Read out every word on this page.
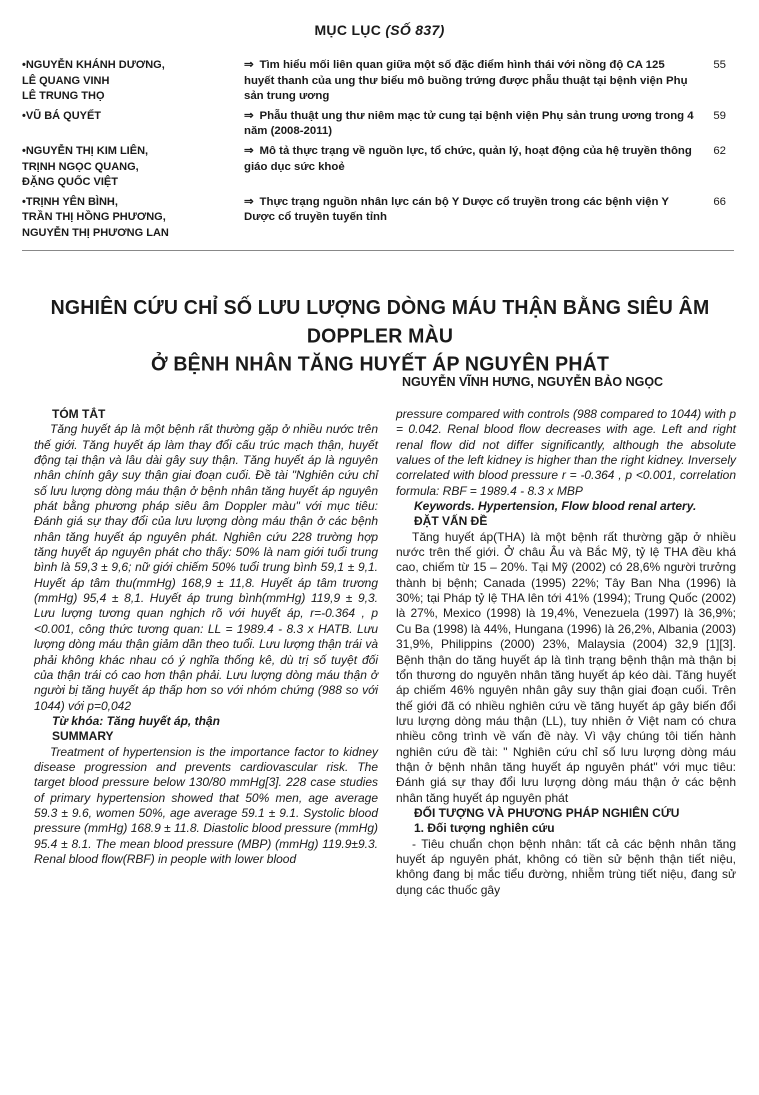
MỤC LỤC (SỐ 837)
•NGUYỄN KHÁNH DƯƠNG,
LÊ QUANG VINH
LÊ TRUNG THỌ
⇒ Tìm hiểu mối liên quan giữa một số đặc điểm hình thái với nồng độ CA 125 huyết thanh của ung thư biểu mô buồng trứng được phẫu thuật tại bệnh viện Phụ sản trung ương
55
•VŨ BÁ QUYẾT	⇒ Phẫu thuật ung thư niêm mạc tử cung tại bệnh viện Phụ sản trung ương trong 4 năm (2008-2011)
59
•NGUYỄN THỊ KIM LIÊN,
TRỊNH NGỌC QUANG,
ĐẶNG QUỐC VIỆT
⇒ Mô tả thực trạng về nguồn lực, tổ chức, quản lý, hoạt động của hệ truyền thông giáo dục sức khoẻ
62
•TRỊNH YÊN BÌNH,
TRẦN THỊ HỒNG PHƯƠNG,
NGUYỄN THỊ PHƯƠNG LAN
⇒ Thực trạng nguồn nhân lực cán bộ Y Dược cổ truyền trong các bệnh viện Y Dược cổ truyền tuyến tỉnh
66
NGHIÊN CỨU CHỈ SỐ LƯU LƯỢNG DÒNG MÁU THẬN BẰNG SIÊU ÂM DOPPLER MÀU
Ở BỆNH NHÂN TĂNG HUYẾT ÁP NGUYÊN PHÁT
NGUYỄN VĨNH HƯNG, NGUYỄN BẢO NGỌC

TÓM TẮT

Tăng huyết áp là một bệnh rất thường gặp ở nhiều nước trên thế giới. Tăng huyết áp làm thay đổi cấu trúc mạch thận, huyết động tại thận và lâu dài gây suy thận. Tăng huyết áp là nguyên nhân chính gây suy thận giai đoạn cuối. Đề tài "Nghiên cứu chỉ số lưu lượng dòng máu thận ở bệnh nhân tăng huyết áp nguyên phát bằng phương pháp siêu âm Doppler màu" với mục tiêu: Đánh giá sự thay đổi của lưu lượng dòng máu thận ở các bệnh nhân tăng huyết áp nguyên phát. Nghiên cứu 228 trường hợp tăng huyết áp nguyên phát cho thấy: 50% là nam giới tuổi trung bình là 59,3 ± 9,6; nữ giới chiếm 50% tuổi trung bình 59,1 ± 9,1. Huyết áp tâm thu(mmHg) 168,9 ± 11,8. Huyết áp tâm trương (mmHg) 95,4 ± 8,1. Huyết áp trung bình(mmHg) 119,9 ± 9,3. Lưu lượng tương quan nghịch rõ với huyết áp, r=-0.364 , p <0.001, công thức tương quan: LL = 1989.4 - 8.3 x HATB. Lưu lượng dòng máu thận giảm dần theo tuổi. Lưu lượng thận trái và phải không khác nhau có ý nghĩa thống kê, dù trị số tuyệt đối của thận trái có cao hơn thận phải. Lưu lượng dòng máu thận ở người bị tăng huyết áp thấp hơn so với nhóm chứng (988 so với 1044) với p=0,042

Từ khóa: Tăng huyết áp, thận

SUMMARY

Treatment of hypertension is the importance factor to kidney disease progression and prevents cardiovascular risk. The target blood pressure below 130/80 mmHg[3]. 228 case studies of primary hypertension showed that 50% men, age average 59.3 ± 9.6, women 50%, age average 59.1 ± 9.1. Systolic blood pressure (mmHg) 168.9 ± 11.8. Diastolic blood pressure (mmHg) 95.4 ± 8.1. The mean blood pressure (MBP) (mmHg) 119.9±9.3. Renal blood flow(RBF) in people with lower blood

pressure compared with controls (988 compared to 1044) with p = 0.042. Renal blood flow decreases with age. Left and right renal flow did not differ significantly, although the absolute values of the left kidney is higher than the right kidney. Inversely correlated with blood pressure r = -0.364 , p <0.001, correlation formula: RBF = 1989.4 - 8.3 x MBP

Keywords. Hypertension, Flow blood renal artery.

ĐẶT VẤN ĐỀ

Tăng huyết áp(THA) là một bệnh rất thường gặp ở nhiều nước trên thế giới. Ở châu Âu và Bắc Mỹ, tỷ lệ THA đều khá cao, chiếm từ 15 – 20%. Tại Mỹ (2002) có 28,6% người trưởng thành bị bệnh; Canada (1995) 22%; Tây Ban Nha (1996) là 30%; tại Pháp tỷ lệ THA lên tới 41% (1994); Trung Quốc (2002) là 27%, Mexico (1998) là 19,4%, Venezuela (1997) là 36,9%; Cu Ba (1998) là 44%, Hungana (1996) là 26,2%, Albania (2003) 31,9%, Philippins (2000) 23%, Malaysia (2004) 32,9 [1][3]. Bệnh thận do tăng huyết áp là tình trạng bệnh thận mà thận bị tổn thương do nguyên nhân tăng huyết áp kéo dài. Tăng huyết áp chiếm 46% nguyên nhân gây suy thận giai đoạn cuối. Trên thế giới đã có nhiều nghiên cứu về tăng huyết áp gây biến đổi lưu lượng dòng máu thận (LL), tuy nhiên ở Việt nam có chưa nhiều công trình về vấn đề này. Vì vậy chúng tôi tiến hành nghiên cứu đề tài: " Nghiên cứu chỉ số lưu lượng dòng máu thận ở bệnh nhân tăng huyết áp nguyên phát" với mục tiêu: Đánh giá sự thay đổi lưu lượng dòng máu thận ở các bệnh nhân tăng huyết áp nguyên phát

ĐỐI TƯỢNG VÀ PHƯƠNG PHÁP NGHIÊN CỨU

1. Đối tượng nghiên cứu

- Tiêu chuẩn chọn bệnh nhân: tất cả các bệnh nhân tăng huyết áp nguyên phát, không có tiền sử bệnh thận tiết niệu, không đang bị mắc tiểu đường, nhiễm trùng tiết niệu, đang sử dụng các thuốc gây
